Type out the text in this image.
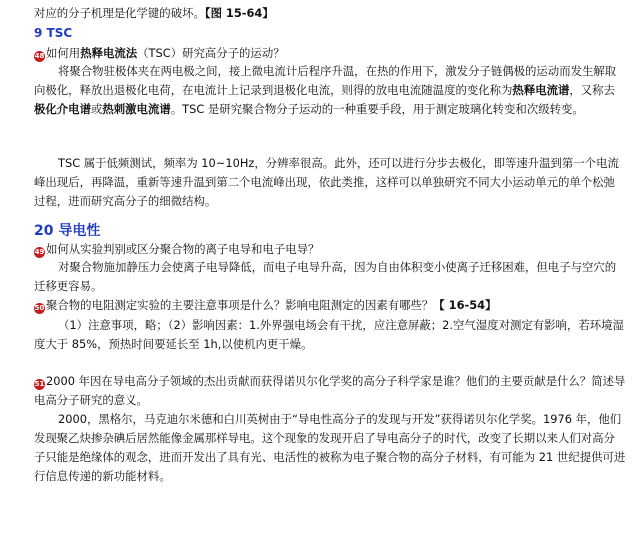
对应的分子机理是化学键的破坏。【图 15-64】
9 TSC
48 如何用热释电流法（TSC）研究高分子的运动？

将聚合物驻极体夹在两电极之间，接上微电流计后程序升温，在热的作用下，激发分子链偶极的运动而发生解取向极化，释放出退极化电荷，在电流计上记录到退极化电流，则得的放电电流随温度的变化称为热释电流谱，又称去极化介电谱或热刺激电流谱。TSC 是研究聚合物分子运动的一种重要手段，用于测定玻璃化转变和次级转变。

TSC 属于低频测试，频率为 10~10Hz，分辨率很高。此外，还可以进行分步去极化，即等速升温到第一个电流峰出现后，再降温，重新等速升温到第二个电流峰出现，依此类推，这样可以单独研究不同大小运动单元的单个松弛过程，进而研究高分子的细微结构。

20 导电性
49 如何从实验判别或区分聚合物的离子电导和电子电导？

对聚合物施加静压力会使离子电导降低，而电子电导升高，因为自由体积变小使离子迁移困难，但电子与空穴的迁移更容易。

50 聚合物的电阻测定实验的主要注意事项是什么？影响电阻测定的因素有哪些？【 16-54】

（1）注意事项，略；（2）影响因素：1.外界强电场会有干扰，应注意屏蔽；2.空气湿度对测定有影响，若环境湿度大于 85%，预热时间要延长至 1h,以使机内更干燥。

51 2000 年因在导电高分子领域的杰出贡献而获得诺贝尔化学奖的高分子科学家是谁？他们的主要贡献是什么？简述导电高分子研究的意义。

2000，黑格尔，马克迪尔米德和白川英树由于“导电性高分子的发现与开发”获得诺贝尔化学奖。1976 年，他们发现聚乙炔掺杂碘后居然能像金属那样导电。这个现象的发现开启了导电高分子的时代，改变了长期以来人们对高分子只能是绝缘体的观念，进而开发出了具有光、电活性的被称为电子聚合物的高分子材料，有可能为 21 世纪提供可进行信息传递的新功能材料。
